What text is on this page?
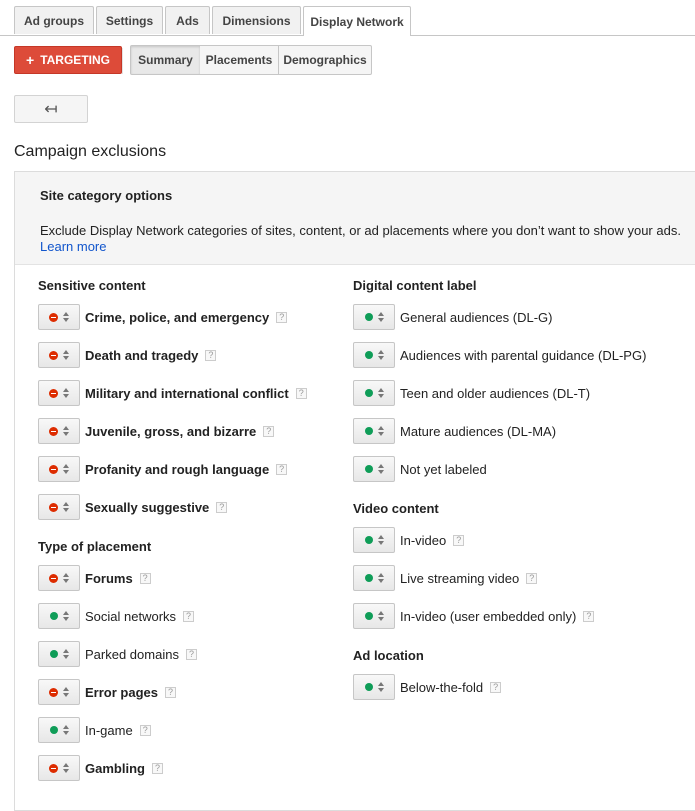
Ad groups	Settings	Ads	Dimensions	Display Network
+ TARGETING	Summary	Placements Demographics
↤
Campaign exclusions
Site category options
Exclude Display Network categories of sites, content, or ad placements where you don’t want to show your ads.
Learn more
Sensitive content
Crime, police, and emergency	?
Death and tragedy	?
Military and international conflict	?
Juvenile, gross, and bizarre	?
Profanity and rough language	?
Sexually suggestive	?
Type of placement
Forums	?
Social networks	?
Parked domains	?
Error pages	?
In-game	?
Gambling	?
Digital content label
General audiences (DL-G)
Audiences with parental guidance (DL-PG)
Teen and older audiences (DL-T)
Mature audiences (DL-MA)
Not yet labeled
Video content
In-video	?
Live streaming video	?
In-video (user embedded only)	?
Ad location
Below-the-fold	?
